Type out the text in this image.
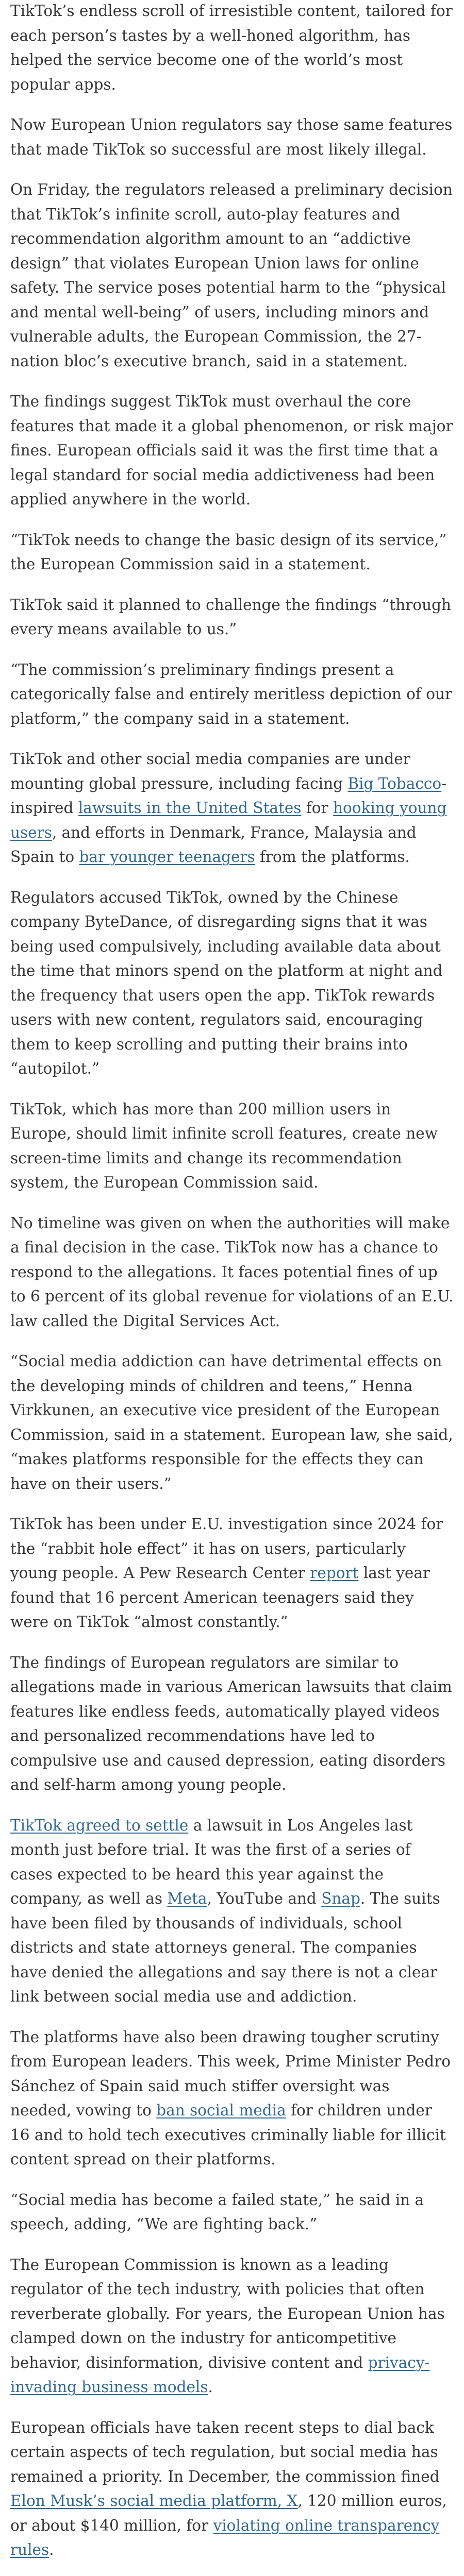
TikTok’s endless scroll of irresistible content, tailored for each person’s tastes by a well-honed algorithm, has helped the service become one of the world’s most popular apps.

Now European Union regulators say those same features that made TikTok so successful are most likely illegal.

On Friday, the regulators released a preliminary decision that TikTok’s infinite scroll, auto-play features and recommendation algorithm amount to an “addictive design” that violates European Union laws for online safety. The service poses potential harm to the “physical and mental well-being” of users, including minors and vulnerable adults, the European Commission, the 27-nation bloc’s executive branch, said in a statement.

The findings suggest TikTok must overhaul the core features that made it a global phenomenon, or risk major fines. European officials said it was the first time that a legal standard for social media addictiveness had been applied anywhere in the world.

“TikTok needs to change the basic design of its service,” the European Commission said in a statement.

TikTok said it planned to challenge the findings “through every means available to us.”

“The commission’s preliminary findings present a categorically false and entirely meritless depiction of our platform,” the company said in a statement.

TikTok and other social media companies are under mounting global pressure, including facing Big Tobacco-inspired lawsuits in the United States for hooking young users, and efforts in Denmark, France, Malaysia and Spain to bar younger teenagers from the platforms.

Regulators accused TikTok, owned by the Chinese company ByteDance, of disregarding signs that it was being used compulsively, including available data about the time that minors spend on the platform at night and the frequency that users open the app. TikTok rewards users with new content, regulators said, encouraging them to keep scrolling and putting their brains into “autopilot.”

TikTok, which has more than 200 million users in Europe, should limit infinite scroll features, create new screen-time limits and change its recommendation system, the European Commission said.

No timeline was given on when the authorities will make a final decision in the case. TikTok now has a chance to respond to the allegations. It faces potential fines of up to 6 percent of its global revenue for violations of an E.U. law called the Digital Services Act.

“Social media addiction can have detrimental effects on the developing minds of children and teens,” Henna Virkkunen, an executive vice president of the European Commission, said in a statement. European law, she said, “makes platforms responsible for the effects they can have on their users.”

TikTok has been under E.U. investigation since 2024 for the “rabbit hole effect” it has on users, particularly young people. A Pew Research Center report last year found that 16 percent American teenagers said they were on TikTok “almost constantly.”

The findings of European regulators are similar to allegations made in various American lawsuits that claim features like endless feeds, automatically played videos and personalized recommendations have led to compulsive use and caused depression, eating disorders and self-harm among young people.

TikTok agreed to settle a lawsuit in Los Angeles last month just before trial. It was the first of a series of cases expected to be heard this year against the company, as well as Meta, YouTube and Snap. The suits have been filed by thousands of individuals, school districts and state attorneys general. The companies have denied the allegations and say there is not a clear link between social media use and addiction.

The platforms have also been drawing tougher scrutiny from European leaders. This week, Prime Minister Pedro Sánchez of Spain said much stiffer oversight was needed, vowing to ban social media for children under 16 and to hold tech executives criminally liable for illicit content spread on their platforms.

“Social media has become a failed state,” he said in a speech, adding, “We are fighting back.”

The European Commission is known as a leading regulator of the tech industry, with policies that often reverberate globally. For years, the European Union has clamped down on the industry for anticompetitive behavior, disinformation, divisive content and privacy-invading business models.

European officials have taken recent steps to dial back certain aspects of tech regulation, but social media has remained a priority. In December, the commission fined Elon Musk’s social media platform, X, 120 million euros, or about $140 million, for violating online transparency rules.
